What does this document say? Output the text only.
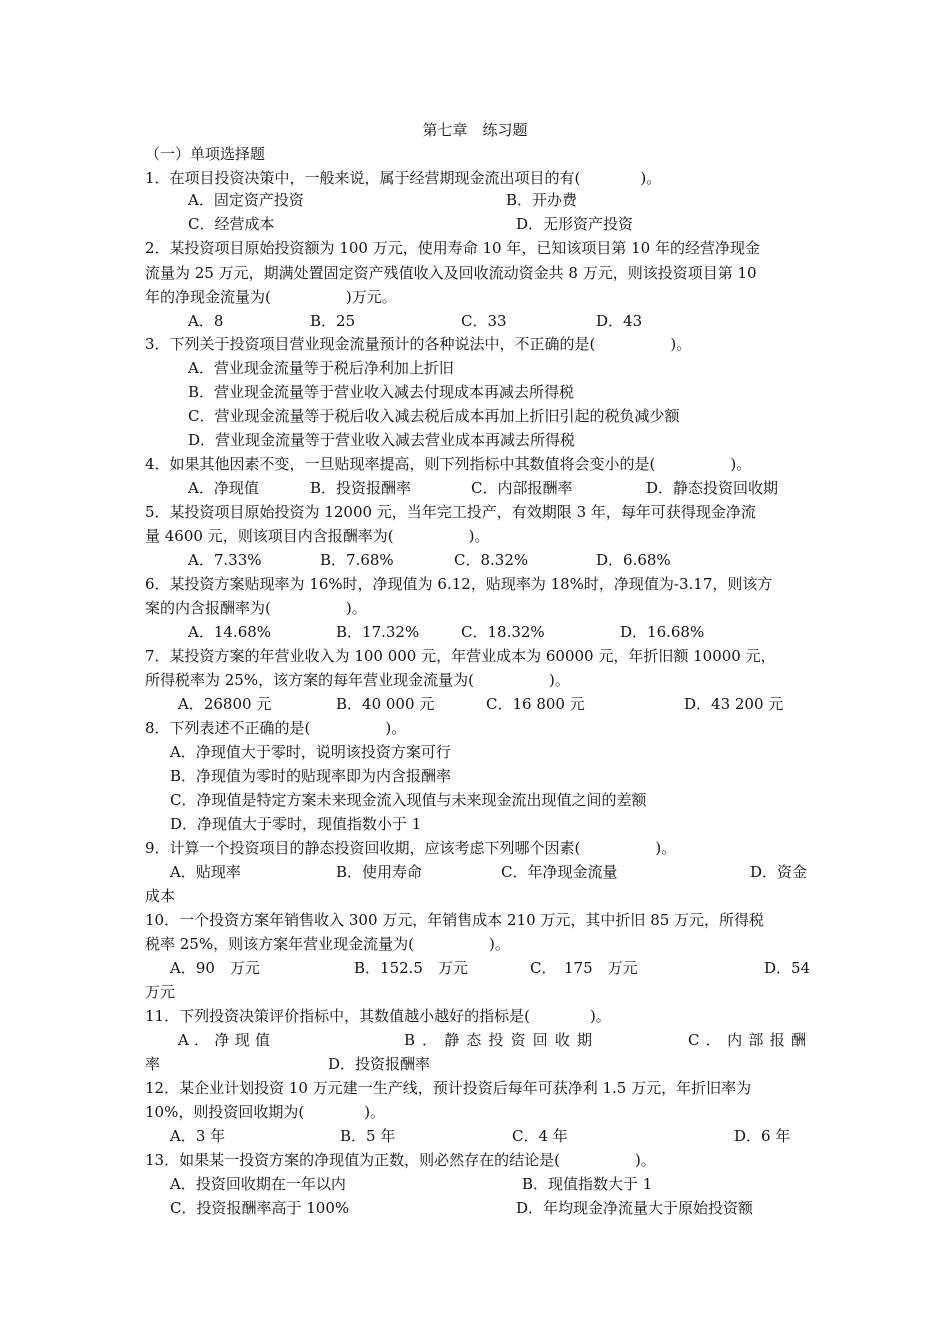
第七章　练习题
（一）单项选择题
1．在项目投资决策中，一般来说，属于经营期现金流出项目的有(　　　　)。
A．固定资产投资	B．开办费
C．经营成本	D．无形资产投资
2．某投资项目原始投资额为 100 万元，使用寿命 10 年，已知该项目第 10 年的经营净现金
流量为 25 万元，期满处置固定资产残值收入及回收流动资金共 8 万元，则该投资项目第 10
年的净现金流量为(　　　　　)万元。
A．8	B．25	C．33	D．43
3．下列关于投资项目营业现金流量预计的各种说法中，不正确的是(　　　　　)。
A．营业现金流量等于税后净利加上折旧
B．营业现金流量等于营业收入减去付现成本再减去所得税
C．营业现金流量等于税后收入减去税后成本再加上折旧引起的税负减少额
D．营业现金流量等于营业收入减去营业成本再减去所得税
4．如果其他因素不变，一旦贴现率提高，则下列指标中其数值将会变小的是(　　　　　)。
A．净现值	B．投资报酬率	C．内部报酬率	D．静态投资回收期
5．某投资项目原始投资为 12000 元，当年完工投产，有效期限 3 年，每年可获得现金净流
量 4600 元，则该项目内含报酬率为(　　　　　)。
A．7.33%	B．7.68%	C．8.32%	D．6.68%
6．某投资方案贴现率为 16%时，净现值为 6.12，贴现率为 18%时，净现值为-3.17，则该方
案的内含报酬率为(　　　　　)。
A．14.68%	B．17.32%	C．18.32%	D．16.68%
7．某投资方案的年营业收入为 100 000 元，年营业成本为 60000 元，年折旧额 10000 元，
所得税率为 25%，该方案的每年营业现金流量为(　　　　　)。
A．26800 元	B．40 000 元	C．16 800 元	D．43 200 元
8．下列表述不正确的是(　　　　　)。
A．净现值大于零时，说明该投资方案可行
B．净现值为零时的贴现率即为内含报酬率
C．净现值是特定方案未来现金流入现值与未来现金流出现值之间的差额
D．净现值大于零时，现值指数小于 1
9．计算一个投资项目的静态投资回收期，应该考虑下列哪个因素(　　　　　)。
A．贴现率	B．使用寿命	C．年净现金流量	D．资金
成本
10．一个投资方案年销售收入 300 万元，年销售成本 210 万元，其中折旧 85 万元，所得税
税率 25%，则该方案年营业现金流量为(　　　　　)。
A．90　万元	B．152.5　万元	C．　175　万元	D．54
万元
11．下列投资决策评价指标中，其数值越小越好的指标是(　　　　)。
A．净现值	B．静态投资回收期	C．内部报酬
率	D．投资报酬率
12．某企业计划投资 10 万元建一生产线，预计投资后每年可获净利 1.5 万元，年折旧率为
10%，则投资回收期为(　　　　)。
A．3 年	B．5 年	C．4 年	D．6 年
13．如果某一投资方案的净现值为正数，则必然存在的结论是(　　　　　)。
A．投资回收期在一年以内	B．现值指数大于 1
C．投资报酬率高于 100%	D．年均现金净流量大于原始投资额
